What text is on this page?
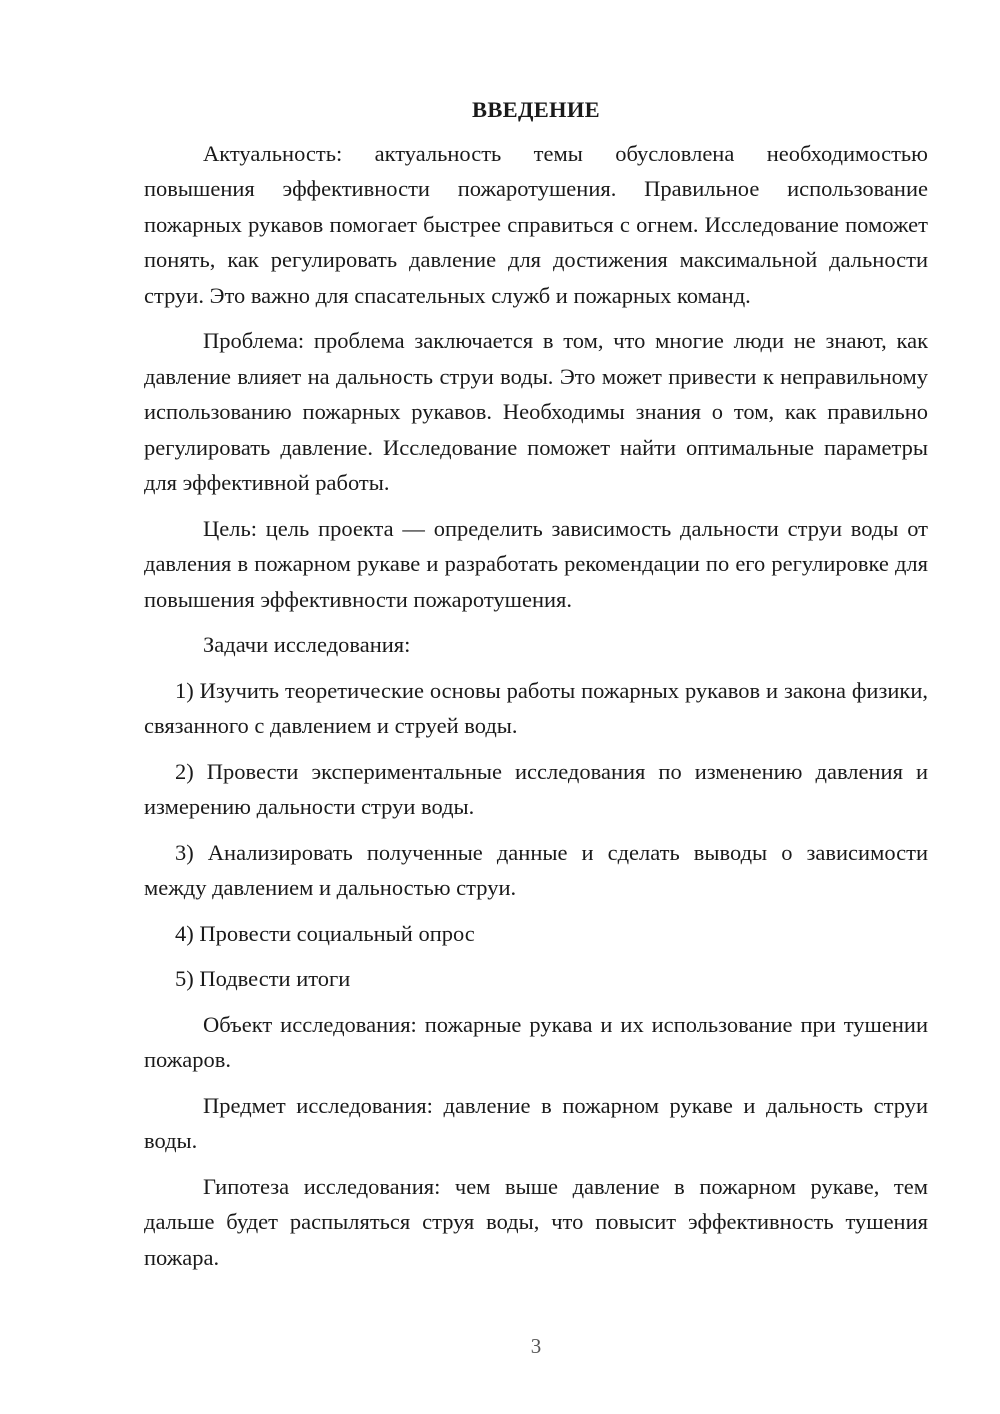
ВВЕДЕНИЕ

Актуальность: актуальность темы обусловлена необходимостью повышения эффективности пожаротушения. Правильное использование пожарных рукавов помогает быстрее справиться с огнем. Исследование поможет понять, как регулировать давление для достижения максимальной дальности струи. Это важно для спасательных служб и пожарных команд.

Проблема: проблема заключается в том, что многие люди не знают, как давление влияет на дальность струи воды. Это может привести к неправильному использованию пожарных рукавов. Необходимы знания о том, как правильно регулировать давление. Исследование поможет найти оптимальные параметры для эффективной работы.

Цель: цель проекта — определить зависимость дальности струи воды от давления в пожарном рукаве и разработать рекомендации по его регулировке для повышения эффективности пожаротушения.

Задачи исследования:

1) Изучить теоретические основы работы пожарных рукавов и закона физики, связанного с давлением и струей воды.

2) Провести экспериментальные исследования по изменению давления и измерению дальности струи воды.

3) Анализировать полученные данные и сделать выводы о зависимости между давлением и дальностью струи.

4) Провести социальный опрос

5) Подвести итоги

Объект исследования: пожарные рукава и их использование при тушении пожаров.

Предмет исследования: давление в пожарном рукаве и дальность струи воды.

Гипотеза исследования: чем выше давление в пожарном рукаве, тем дальше будет распыляться струя воды, что повысит эффективность тушения пожара.

3
